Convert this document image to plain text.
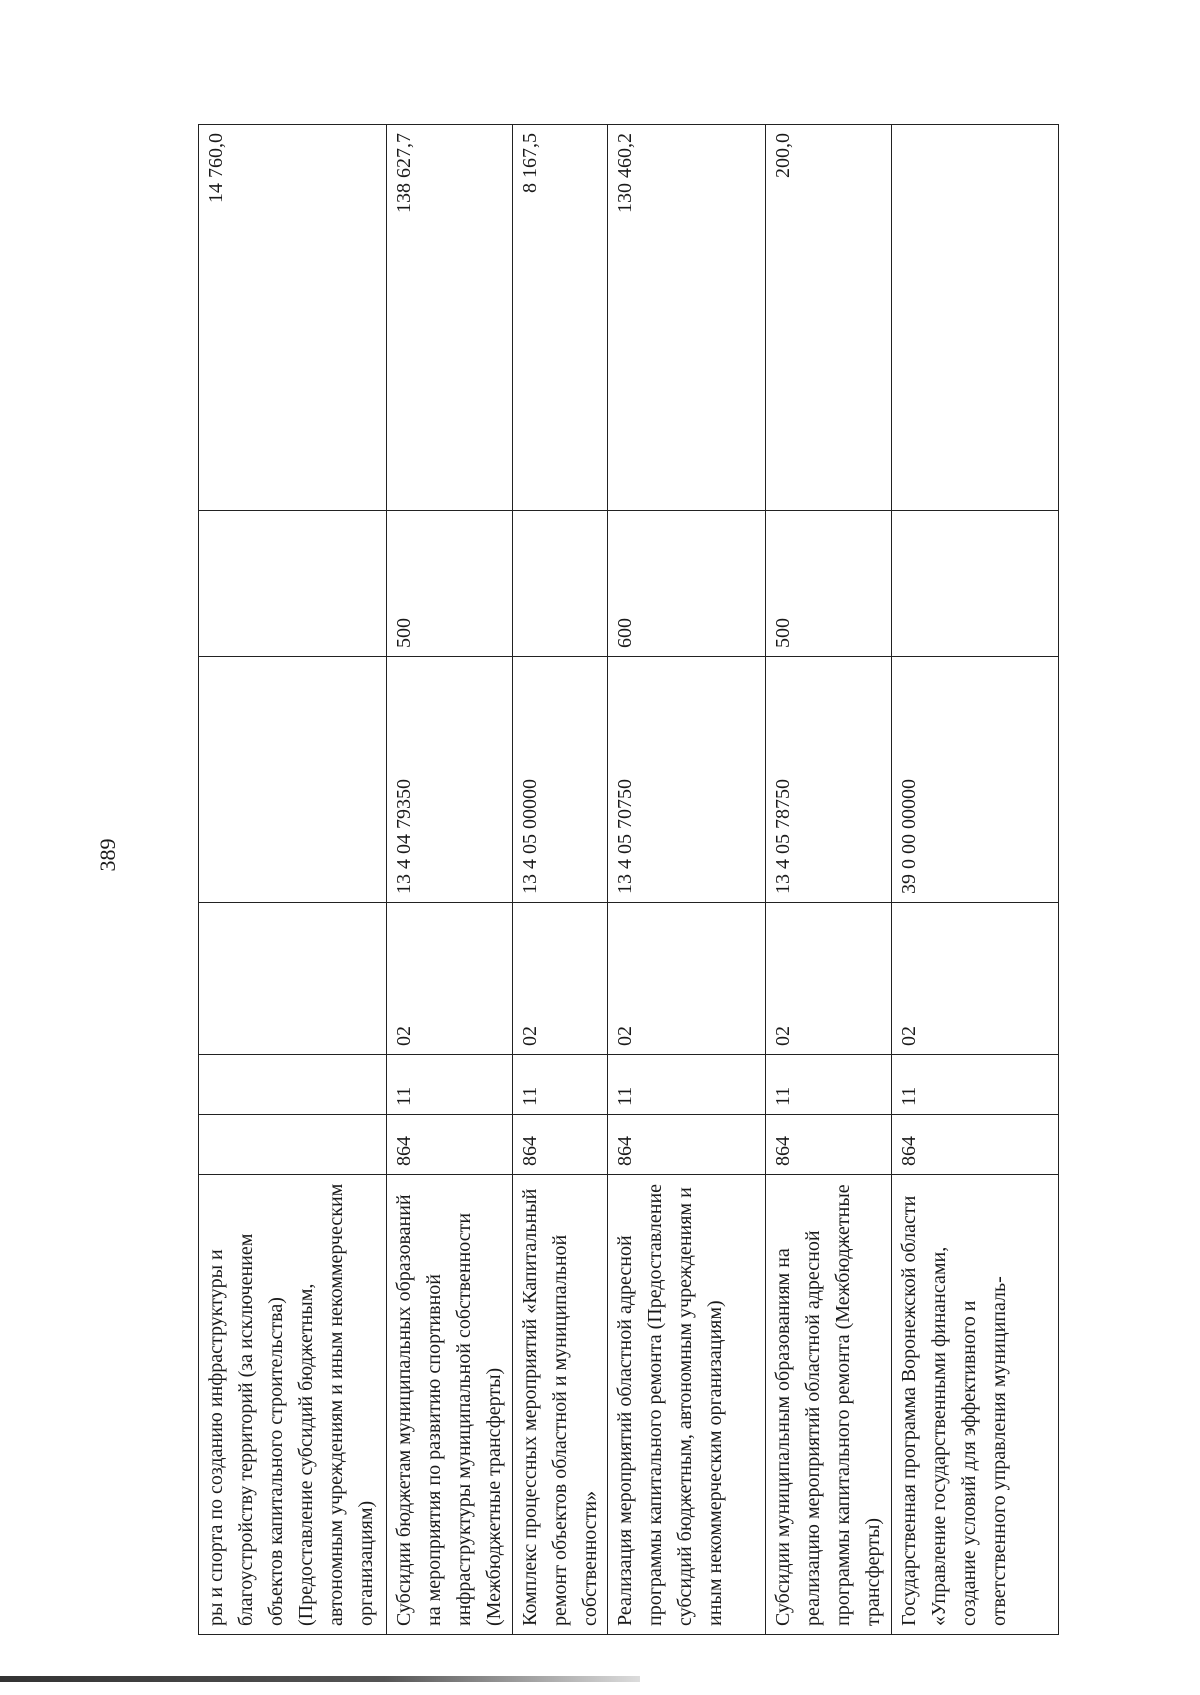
389
ры и спорта по созданию инфраструктуры и благоустройству территорий (за исключением объектов капитального строительства) (Предоставление субсидий бюджетным, автономным учреждениям и иным некоммерческим организациям)						14 760,0
Субсидии бюджетам муниципальных образований на мероприятия по развитию спортивной инфраструктуры муниципальной собственности (Межбюджетные трансферты)	864	11	02	13 4 04 79350	500	138 627,7
Комплекс процессных мероприятий «Капитальный ремонт объектов областной и муниципальной собственности»	864	11	02	13 4 05 00000		8 167,5
Реализация мероприятий областной адресной программы капитального ремонта (Предоставление субсидий бюджетным, автономным учреждениям и иным некоммерческим организациям)	864	11	02	13 4 05 70750	600	130 460,2
Субсидии муниципальным образованиям на реализацию мероприятий областной адресной программы капитального ремонта (Межбюджетные трансферты)	864	11	02	13 4 05 78750	500	200,0
Государственная программа Воронежской области «Управление государственными финансами, создание условий для эффективного и ответственного управления муниципаль-	864	11	02	39 0 00 00000		
